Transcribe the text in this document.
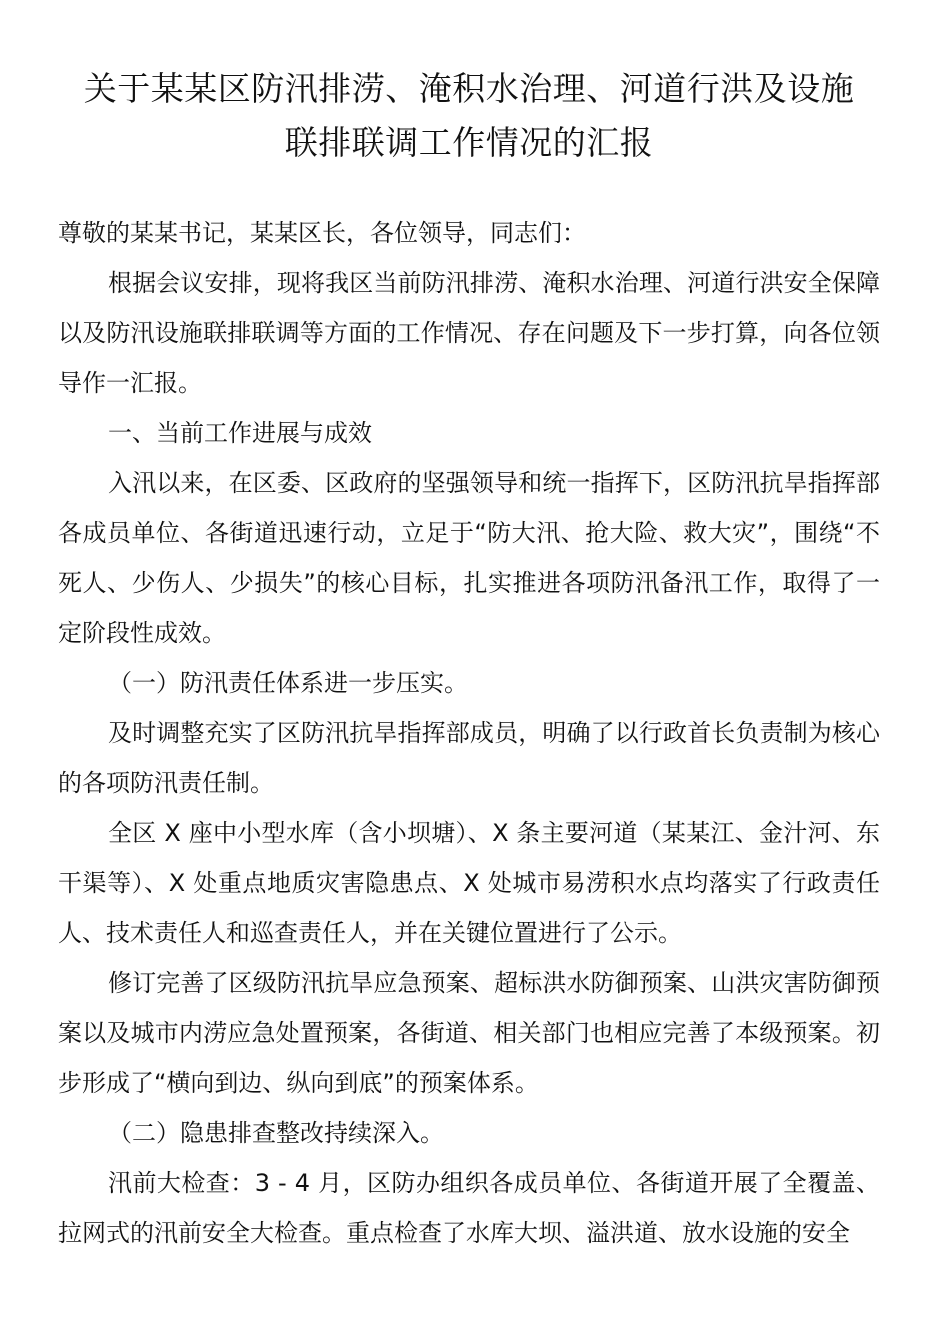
关于某某区防汛排涝、淹积水治理、河道行洪及设施
联排联调工作情况的汇报

尊敬的某某书记，某某区长，各位领导，同志们：

根据会议安排，现将我区当前防汛排涝、淹积水治理、河道行洪安全保障以及防汛设施联排联调等方面的工作情况、存在问题及下一步打算，向各位领导作一汇报。

一、当前工作进展与成效

入汛以来，在区委、区政府的坚强领导和统一指挥下，区防汛抗旱指挥部各成员单位、各街道迅速行动，立足于“防大汛、抢大险、救大灾”，围绕“不死人、少伤人、少损失”的核心目标，扎实推进各项防汛备汛工作，取得了一定阶段性成效。

（一）防汛责任体系进一步压实。

及时调整充实了区防汛抗旱指挥部成员，明确了以行政首长负责制为核心的各项防汛责任制。

全区 X 座中小型水库（含小坝塘）、X 条主要河道（某某江、金汁河、东干渠等）、X 处重点地质灾害隐患点、X 处城市易涝积水点均落实了行政责任人、技术责任人和巡查责任人，并在关键位置进行了公示。

修订完善了区级防汛抗旱应急预案、超标洪水防御预案、山洪灾害防御预案以及城市内涝应急处置预案，各街道、相关部门也相应完善了本级预案。初步形成了“横向到边、纵向到底”的预案体系。

（二）隐患排查整改持续深入。

汛前大检查：3 - 4 月，区防办组织各成员单位、各街道开展了全覆盖、拉网式的汛前安全大检查。重点检查了水库大坝、溢洪道、放水设施的安全
